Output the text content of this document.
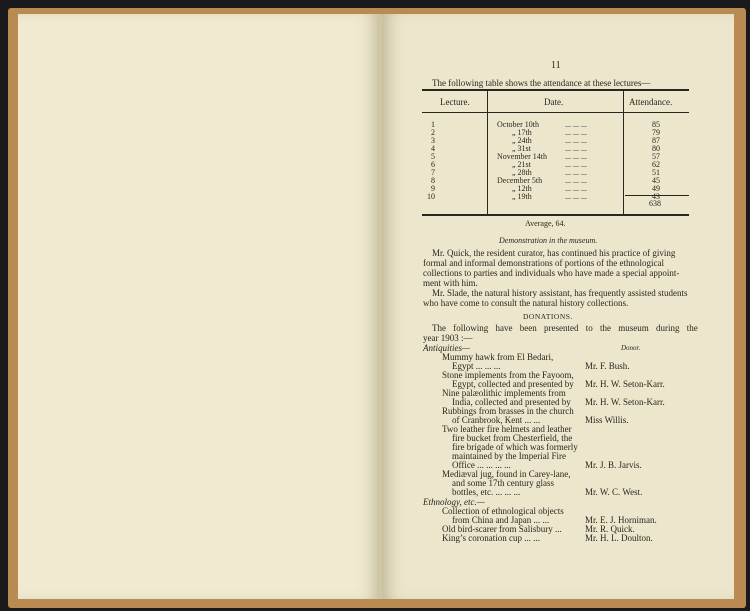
11
The following table shows the attendance at these lectures—
Lecture.	Date.	Attendance.
1	October 10th	... ... ...	85
2	„ 17th	... ... ...	79
3	„ 24th	... ... ...	87
4	„ 31st	... ... ...	80
5	November 14th ... ... ...	57
6	„ 21st	... ... ...	62
7	„ 28th	... ... ...	51
8	December 5th	... ... ...	45
9	„ 12th	... ... ...	49
10	„ 19th	... ... ...	43
638
Average, 64.
Demonstration in the museum.
Mr. Quick, the resident curator, has continued his practice of giving
formal and informal demonstrations of portions of the ethnological
collections to parties and individuals who have made a special appoint-
ment with him.
Mr. Slade, the natural history assistant, has frequently assisted students
who have come to consult the natural history collections.
DONATIONS.
The following have been presented to the museum during the
year 1903 :—
Antiquities—	Donor.
Mummy hawk from El Bedari,
Egypt ... ... ...	Mr. F. Bush.
Stone implements from the Fayoom,
Egypt, collected and presented by Mr. H. W. Seton-Karr.
Nine palæolithic implements from
India, collected and presented by Mr. H. W. Seton-Karr.
Rubbings from brasses in the church
of Cranbrook, Kent ... ...	Miss Willis.
Two leather fire helmets and leather
fire bucket from Chesterfield, the
fire brigade of which was formerly
maintained by the Imperial Fire
Office ... ... ... ...	Mr. J. B. Jarvis.
Mediæval jug, found in Carey-lane,
and some 17th century glass
bottles, etc. ... ... ...	Mr. W. C. West.
Ethnology, etc.—
Collection of ethnological objects
from China and Japan ... ...	Mr. E. J. Horniman.
Old bird-scarer from Salisbury ...	Mr. R. Quick.
King’s coronation cup ... ...	Mr. H. L. Doulton.
